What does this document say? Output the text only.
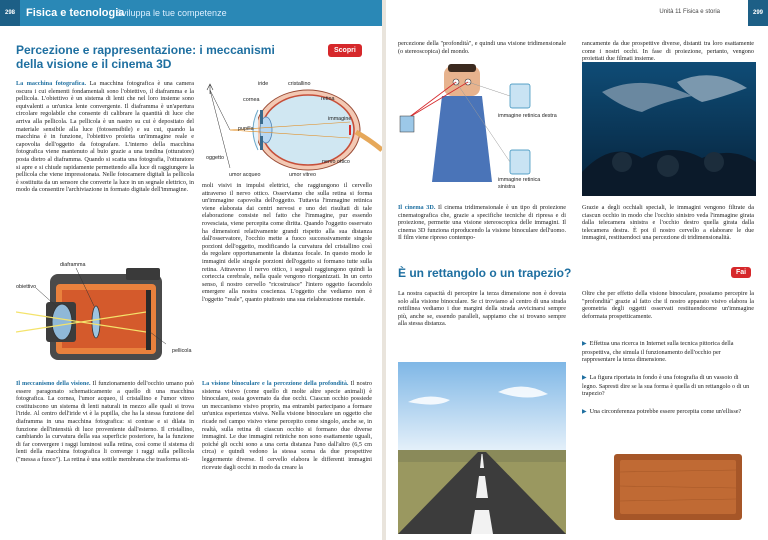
298	Fisica e tecnologia
Sviluppa le tue competenze
Percezione e rappresentazione: i meccanismi
della visione e il cinema 3D
Scopri
La macchina fotografica. La macchina fotografica è una camera oscura i cui elementi fondamentali sono l'obiettivo, il diaframma e la pellicola. L'obiettivo è un sistema di lenti che nel loro insieme sono equivalenti a un'unica lente convergente. Il diaframma è un'apertura circolare regolabile che consente di calibrare la quantità di luce che arriva alla pellicola. La pellicola è un nastro su cui è depositato del materiale sensibile alla luce (fotosensibile) e su cui, quando la macchina è in funzione, l'obiettivo proietta un'immagine reale e capovolta dell'oggetto da fotografare. L'interno della macchina fotografica viene mantenuto al buio grazie a una tendina (otturatore) posta dietro al diaframma. Quando si scatta una fotografia, l'otturatore si apre e si chiude rapidamente permettendo alla luce di raggiungere la pellicola che viene impressionata. Nelle fotocamere digitali la pellicola è sostituita da un sensore che converte la luce in un segnale elettrico, in modo da consentire l'archiviazione in formato digitale dell'immagine.
iride	cristallino
retina
cornea
immagine
pupilla
oggetto
nervo ottico
umor acqueo	umor vitreo
diaframma
obiettivo
pellicola
Il meccanismo della visione. Il funzionamento dell'occhio umano può essere paragonato schematicamente a quello di una macchina fotografica. La cornea, l'umor acqueo, il cristallino e l'umor vitreo costituiscono un sistema di lenti naturali in mezzo alle quali si trova l'iride. Al centro dell'iride vi è la pupilla, che ha la stessa funzione del diaframma in una macchina fotografica: si contrae e si dilata in funzione dell'intensità di luce proveniente dall'esterno. Il cristallino, cambiando la curvatura della sua superficie posteriore, ha la funzione di far convergere i raggi luminosi sulla retina, così come il sistema di lenti della macchina fotografica li converge i raggi sulla pellicola ("messa a fuoco"). La retina è una sottile membrana che trasforma sti-
moli visivi in impulsi elettrici, che raggiungono il cervello attraverso il nervo ottico. Osserviamo che sulla retina si forma un'immagine capovolta dell'oggetto. Tuttavia l'immagine retinica viene elaborata dai centri nervosi e uno dei risultati di tale elaborazione consiste nel fatto che l'immagine, pur essendo rovesciata, viene percepita come diritta. Quando l'oggetto osservato ha dimensioni relativamente grandi rispetto alla sua distanza dall'osservatore, l'occhio mette a fuoco successivamente singole porzioni dell'oggetto, modificando la curvatura del cristallino così da regolare opportunamente la distanza focale. In questo modo le immagini delle singole porzioni dell'oggetto si formano tutte sulla retina. Attraverso il nervo ottico, i segnali raggiungono quindi la corteccia cerebrale, nella quale vengono riorganizzati. In un certo senso, il nostro cervello "ricostruisce" l'intero oggetto facendolo emergere alla nostra coscienza. L'oggetto che vediamo non è l'oggetto "reale", quanto piuttosto una sua rielaborazione mentale.
La visione binoculare e la percezione della profondità. Il nostro sistema visivo (come quello di molte altre specie animali) è binoculare, ossia governato da due occhi. Ciascun occhio possiede un meccanismo visivo proprio, ma entrambi partecipano a formare un'unica esperienza visiva. Nella visione binoculare un oggetto che ricade nel campo visivo viene percepito come singolo, anche se, in realtà, sulla retina di ciascun occhio si formano due diverse immagini. Le due immagini retiniche non sono esattamente uguali, poiché gli occhi sono a una certa distanza l'uno dall'altro (6,5 cm circa) e quindi vedono la stessa scena da due prospettive leggermente diverse. Il cervello elabora le differenti immagini ricevute dagli occhi in modo da creare la
Unità 11 Fisica e storia	299
percezione della "profondità", e quindi una visione tridimensionale (o stereoscopica) del mondo.
rancamente da due prospettive diverse, distanti tra loro esattamente come i nostri occhi. In fase di proiezione, pertanto, vengono proiettati due filmati insieme.
immagine retinica destra
immagine retinica sinistra
Il cinema 3D. Il cinema tridimensionale è un tipo di proiezione cinematografica che, grazie a specifiche tecniche di ripresa e di proiezione, permette una visione stereoscopica delle immagini. Il cinema 3D funziona riproducendo la visione binoculare dell'uomo. Il film viene ripreso contempo-
Grazie a degli occhiali speciali, le immagini vengono filtrate da ciascun occhio in modo che l'occhio sinistro veda l'immagine girata dalla telecamera sinistra e l'occhio destro quella girata dalla telecamera destra. È poi il nostro cervello a elaborare le due immagini, restituendoci una percezione di tridimensionalità.
È un rettangolo o un trapezio?	Fai
La nostra capacità di percepire la terza dimensione non è dovuta solo alla visione binoculare. Se ci troviamo al centro di una strada rettilinea vediamo i due margini della strada avvicinarsi sempre più, anche se, essendo paralleli, sappiamo che si trovano sempre alla stessa distanza.
Oltre che per effetto della visione binoculare, possiamo percepire la "profondità" grazie al fatto che il nostro apparato visivo elabora la geometria degli oggetti osservati restituendocene un'immagine deformata prospetticamente.
▶ Effettua una ricerca in Internet sulla tecnica pittorica della prospettiva, che simula il funzionamento dell'occhio per rappresentare la terza dimensione.
▶ La figura riportata in fondo è una fotografia di un vassoio di legno. Sapresti dire se la sua forma è quella di un rettangolo o di un trapezio?
▶ Una circonferenza potrebbe essere percepita come un'ellisse?
